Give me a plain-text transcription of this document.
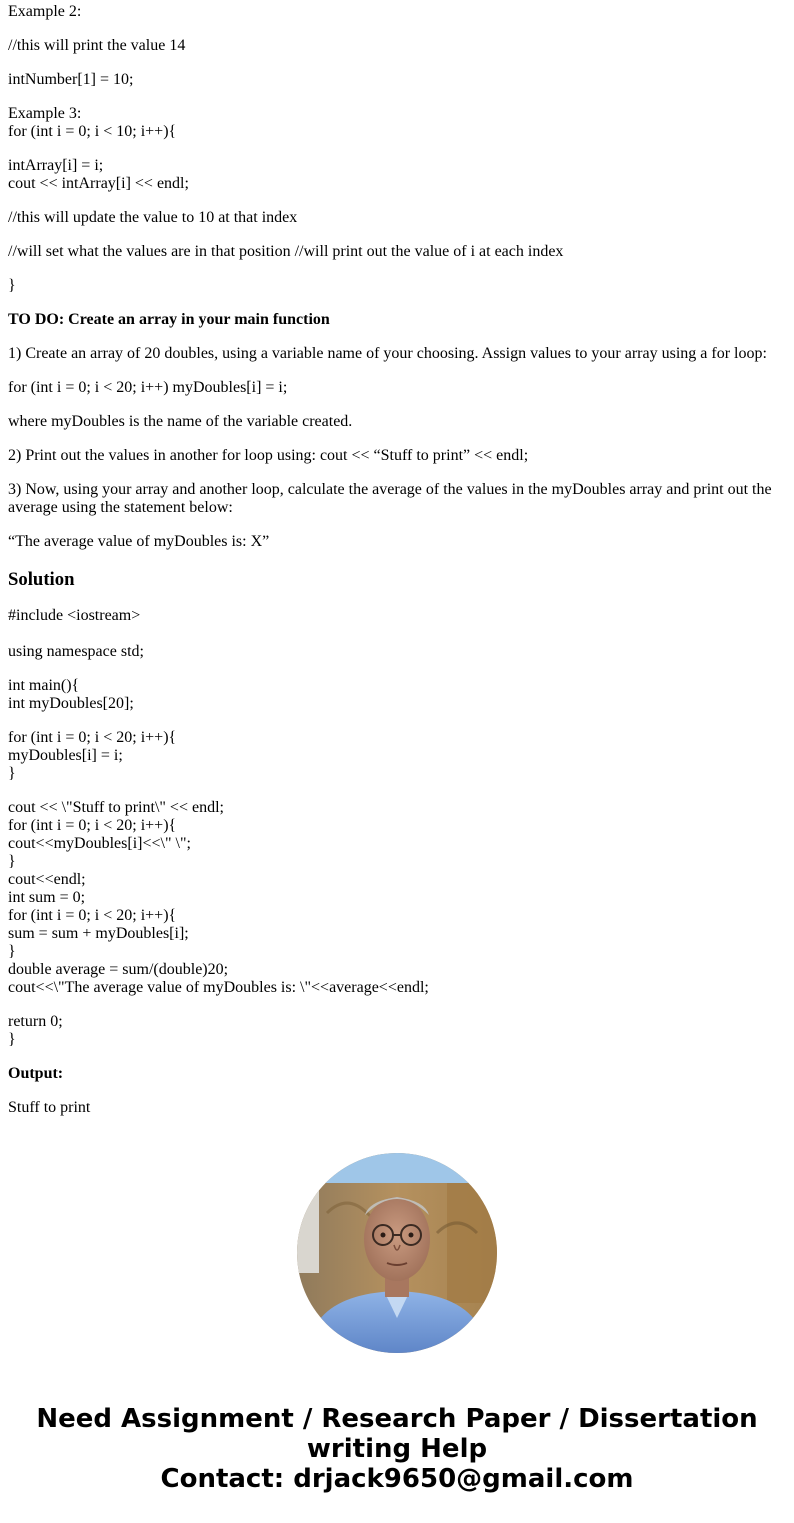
Example 2:

//this will print the value 14

intNumber[1] = 10;

Example 3:
for (int i = 0; i < 10; i++){

intArray[i] = i;
cout << intArray[i] << endl;

//this will update the value to 10 at that index

//will set what the values are in that position //will print out the value of i at each index

}

TO DO: Create an array in your main function

1) Create an array of 20 doubles, using a variable name of your choosing. Assign values to your array using a for loop:

for (int i = 0; i < 20; i++) myDoubles[i] = i;

where myDoubles is the name of the variable created.

2) Print out the values in another for loop using: cout << “Stuff to print” << endl;

3) Now, using your array and another loop, calculate the average of the values in the myDoubles array and print out the average using the statement below:

“The average value of myDoubles is: X”

Solution

#include <iostream>

using namespace std;

int main(){
int myDoubles[20];

for (int i = 0; i < 20; i++){
myDoubles[i] = i;
}

cout << \"Stuff to print\" << endl;
for (int i = 0; i < 20; i++){
cout<<myDoubles[i]<<\" \";
}
cout<<endl;
int sum = 0;
for (int i = 0; i < 20; i++){
sum = sum + myDoubles[i];
}
double average = sum/(double)20;
cout<<\"The average value of myDoubles is: \"<<average<<endl;

return 0;
}

Output:

Stuff to print

Need Assignment / Research Paper / Dissertation
writing Help
Contact: drjack9650@gmail.com
